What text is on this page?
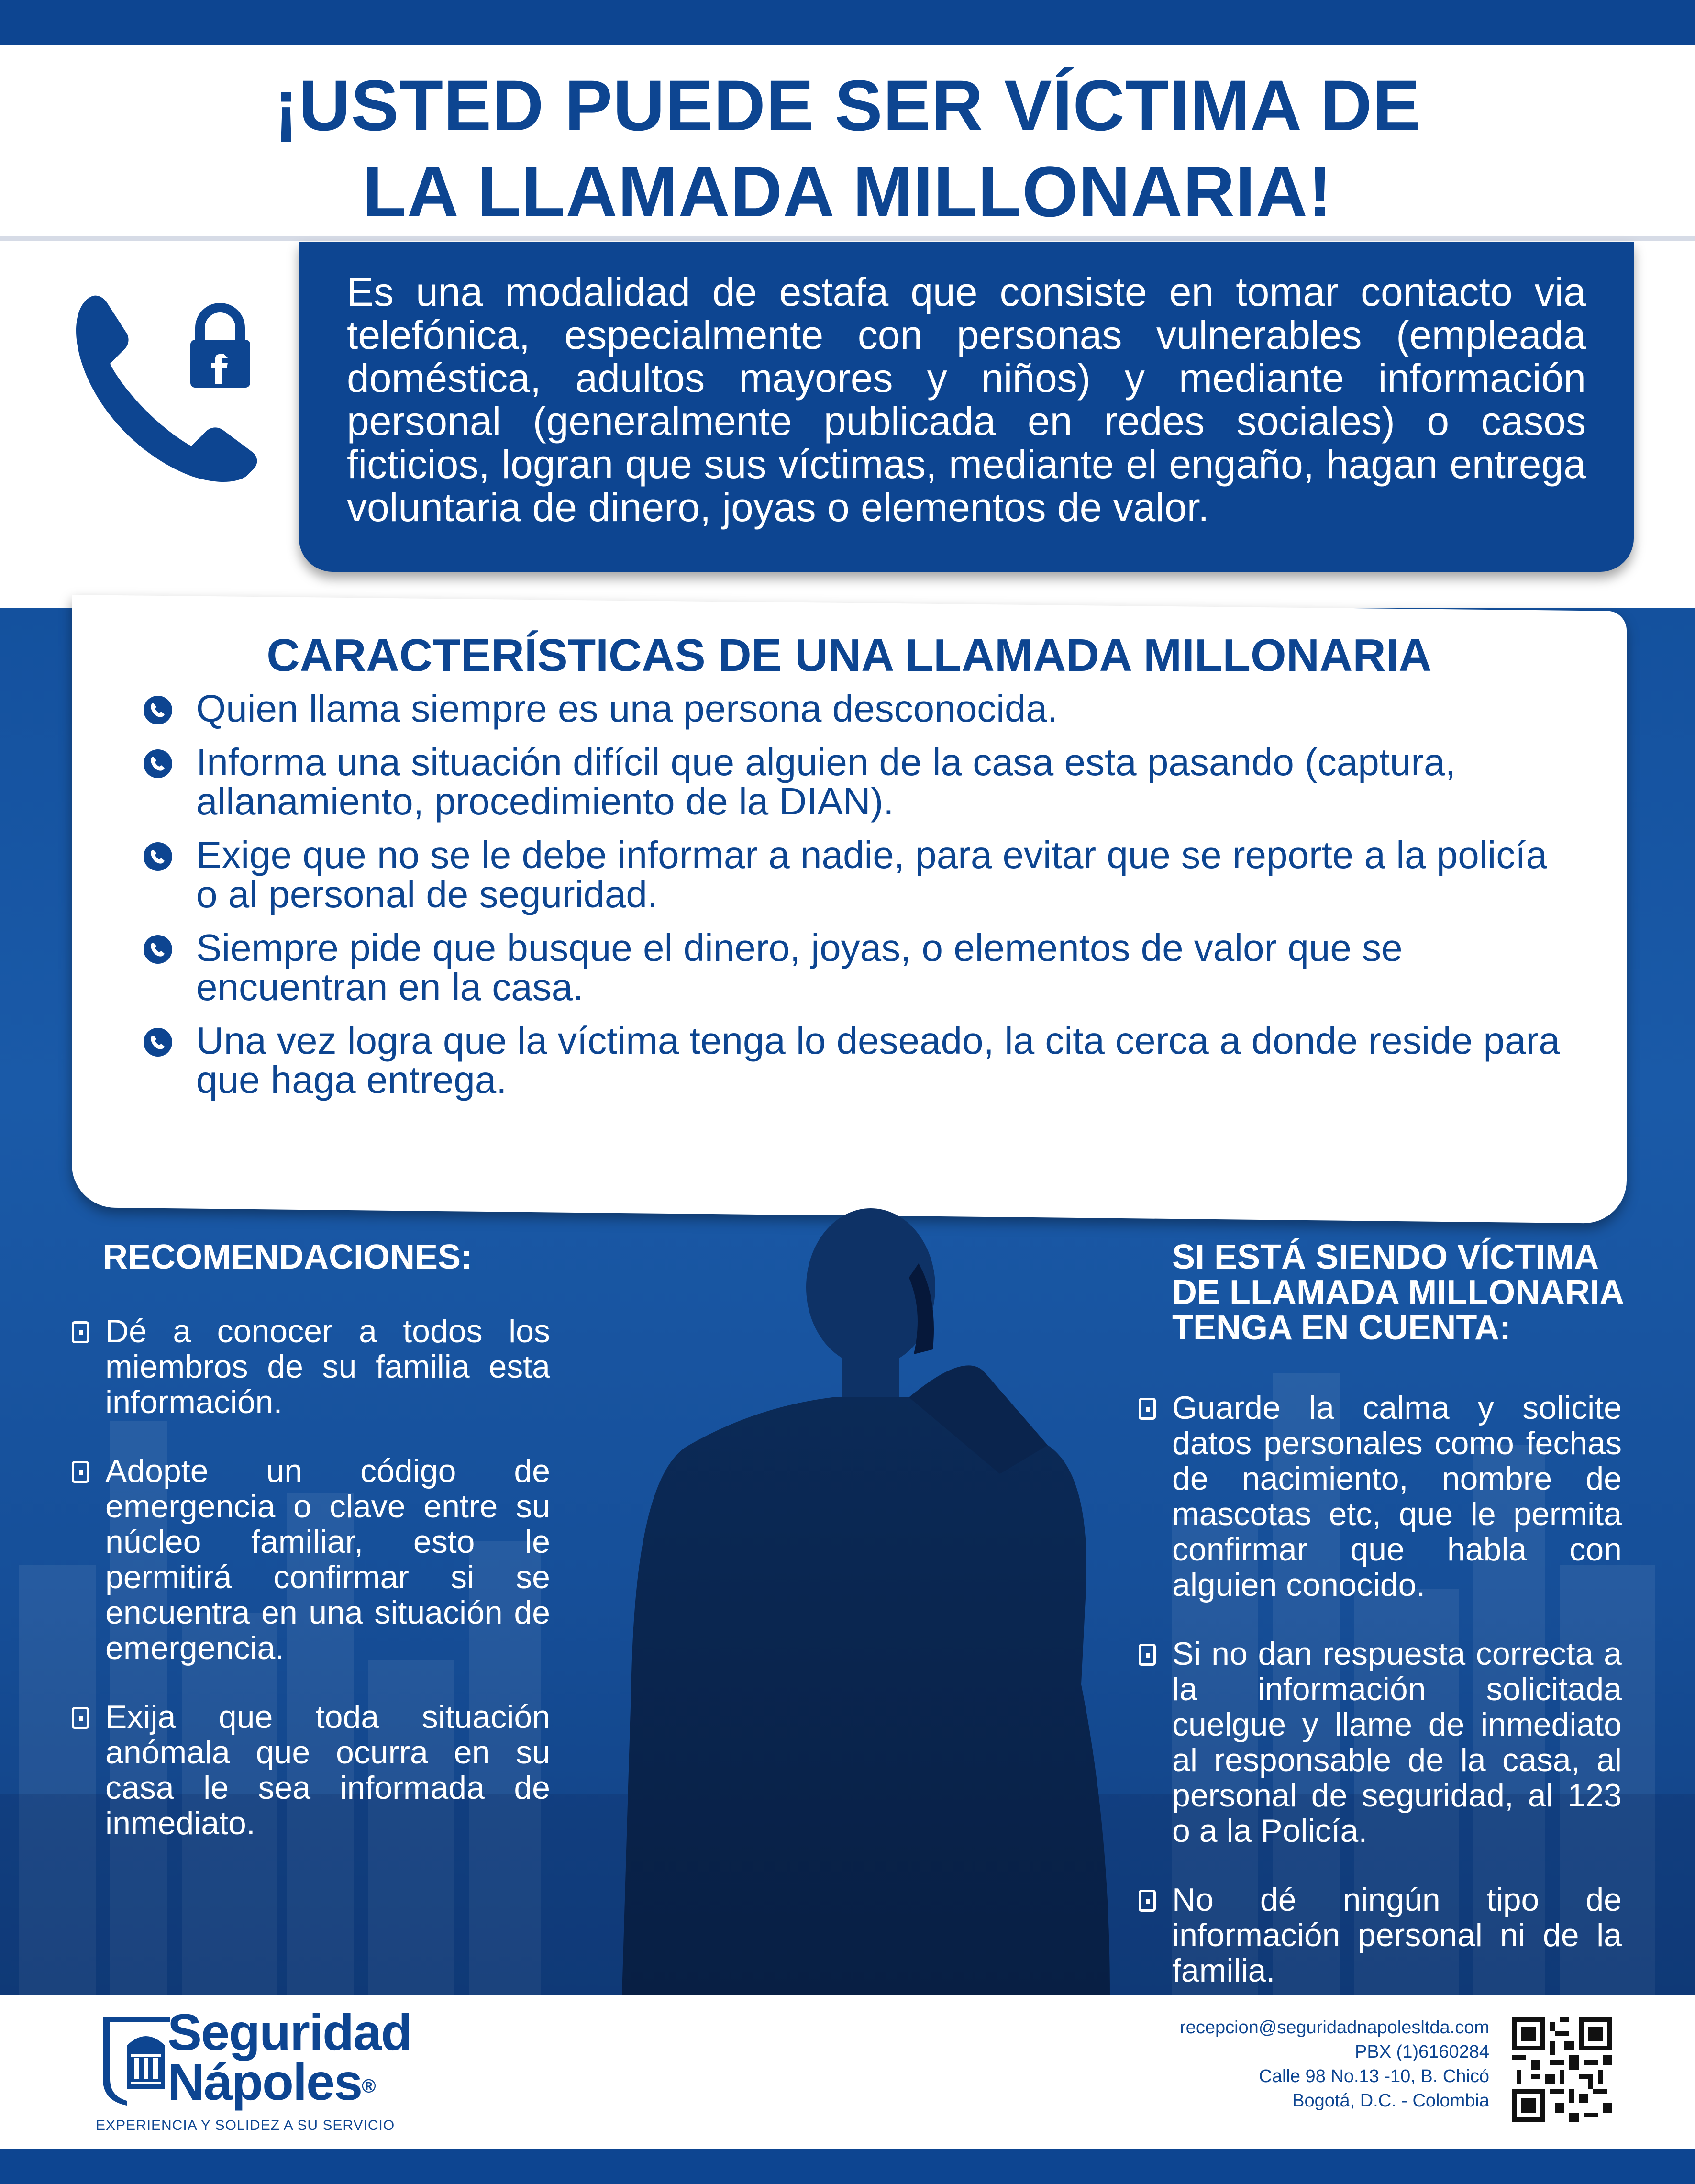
¡USTED PUEDE SER VÍCTIMA DE
LA LLAMADA MILLONARIA!

Es una modalidad de estafa que consiste en tomar contacto via telefónica, especialmente con personas vulnerables (empleada doméstica, adultos mayores y niños) y mediante información personal (generalmente publicada en redes sociales) o casos ficticios, logran que sus víctimas, mediante el engaño, hagan entrega voluntaria de dinero, joyas o elementos de valor.

CARACTERÍSTICAS DE UNA LLAMADA MILLONARIA
Quien llama siempre es una persona desconocida.
Informa una situación difícil que alguien de la casa esta pasando (captura, allanamiento, procedimiento de la DIAN).
Exige que no se le debe informar a nadie, para evitar que se reporte a la policía o al personal de seguridad.
Siempre pide que busque el dinero, joyas, o elementos de valor que se encuentran en la casa.
Una vez logra que la víctima tenga lo deseado, la cita cerca a donde reside para que haga entrega.
RECOMENDACIONES:
Dé a conocer a todos los miembros de su familia esta información.
Adopte un código de emergencia o clave entre su núcleo familiar, esto le permitirá confirmar si se encuentra en una situación de emergencia.
Exija que toda situación anómala que ocurra en su casa le sea informada de inmediato.
SI ESTÁ SIENDO VÍCTIMA DE LLAMADA MILLONARIA TENGA EN CUENTA:
Guarde la calma y solicite datos personales como fechas de nacimiento, nombre de mascotas etc, que le permita confirmar que habla con alguien conocido.
Si no dan respuesta correcta a la información solicitada cuelgue y llame de inmediato al responsable de la casa, al personal de seguridad, al 123 o a la Policía.
No dé ningún tipo de información personal ni de la familia.
Seguridad
Nápoles®
EXPERIENCIA Y SOLIDEZ A SU SERVICIO
recepcion@seguridadnapolesltda.com
PBX (1)6160284
Calle 98 No.13 -10, B. Chicó
Bogotá, D.C. - Colombia
